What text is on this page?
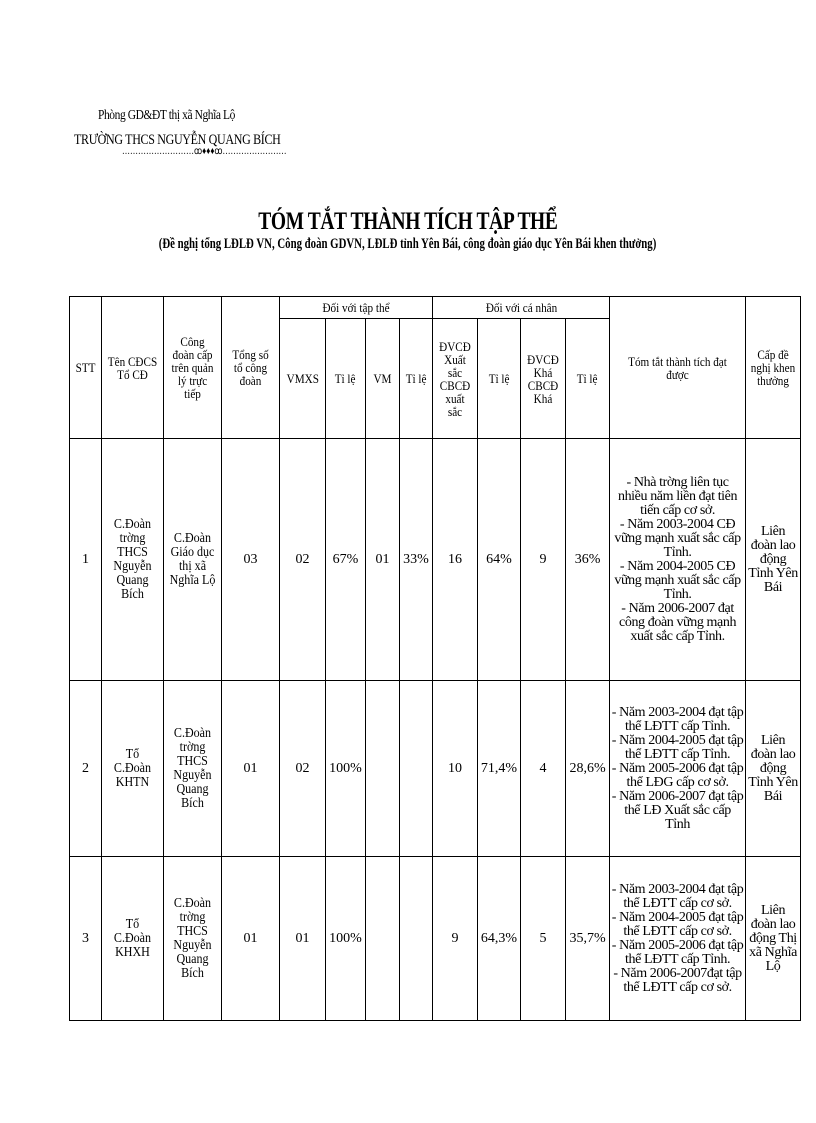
Phòng GD&ĐT thị xã Nghĩa Lộ
TRƯỜNG THCS NGUYỄN QUANG BÍCH
………………………ꝏ♦♦♦ꝏ……………………
TÓM TẮT THÀNH TÍCH TẬP THỂ
(Đề nghị tổng LĐLĐ VN, Công đoàn GDVN, LĐLĐ tỉnh Yên Bái, công đoàn giáo dục Yên Bái khen thưởng)
STT	Tên CĐCS Tổ CĐ	Công đoàn cấp trên quản lý trực tiếp	Tổng số tổ công đoàn	Đối với tập thể				Đối với cá nhân				Tóm tắt thành tích đạt được	Cấp đề nghị khen thưởng
				VMXS	Tỉ lệ	VM	Tỉ lệ	ĐVCĐ Xuất sắc CBCĐ xuất sắc	Tỉ lệ	ĐVCĐ Khá CBCĐ Khá	Tỉ lệ		
1	C.Đoàn trờng THCS Nguyễn Quang Bích	C.Đoàn Giáo dục thị xã Nghĩa Lộ	03	02	67%	01	33%	16	64%	9	36%	- Nhà trờng liên tục nhiều năm liền đạt tiên tiến cấp cơ sở.
- Năm 2003-2004 CĐ vững mạnh xuất sắc cấp Tỉnh.
- Năm 2004-2005 CĐ vững mạnh xuất sắc cấp Tỉnh.
- Năm 2006-2007 đạt công đoàn vững mạnh xuất sắc cấp Tỉnh.	Liên đoàn lao động Tỉnh Yên Bái
2	Tổ C.Đoàn KHTN	C.Đoàn trờng THCS Nguyễn Quang Bích	01	02	100%			10	71,4%	4	28,6%	- Năm 2003-2004 đạt tập thể LĐTT cấp Tỉnh.
- Năm 2004-2005 đạt tập thể LĐTT cấp Tỉnh.
- Năm 2005-2006 đạt tập thể LĐG cấp cơ sở.
- Năm 2006-2007 đạt tập thể LĐ Xuất sắc cấp Tỉnh	Liên đoàn lao động Tỉnh Yên Bái
3	Tổ C.Đoàn KHXH	C.Đoàn trờng THCS Nguyễn Quang Bích	01	01	100%			9	64,3%	5	35,7%	- Năm 2003-2004 đạt tập thể LĐTT cấp cơ sở.
- Năm 2004-2005 đạt tập thể LĐTT cấp cơ sở.
- Năm 2005-2006 đạt tập thể LĐTT cấp Tỉnh.
- Năm 2006-2007đạt tập thể LĐTT cấp cơ sở.	Liên đoàn lao động Thị xã Nghĩa Lộ
